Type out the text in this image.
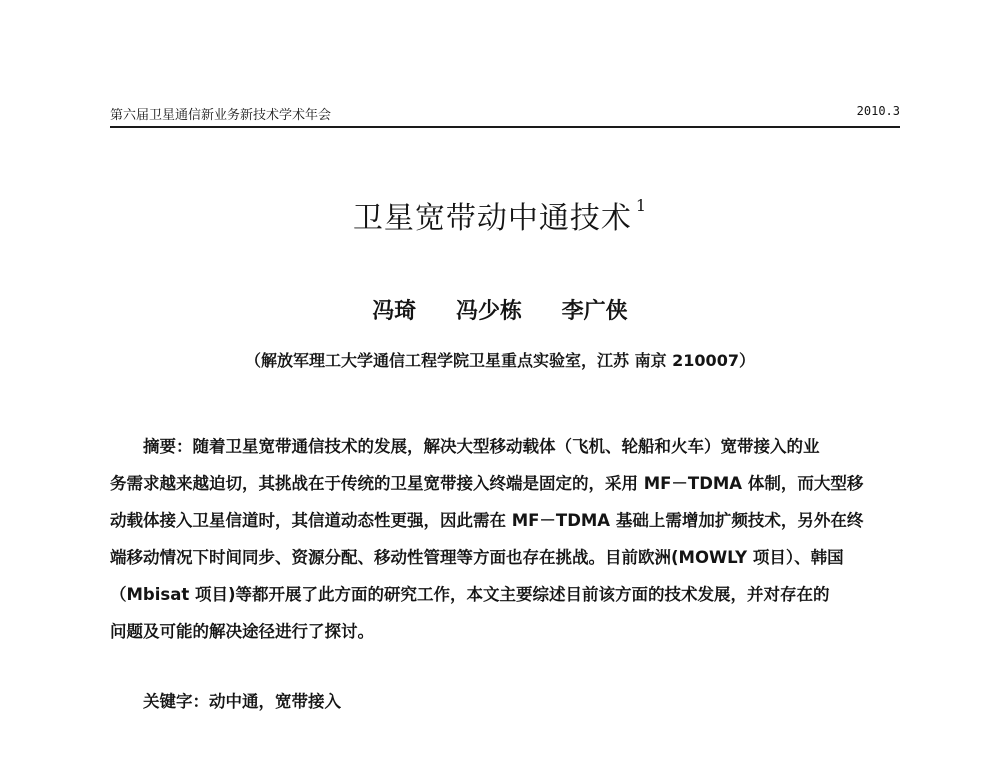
第六届卫星通信新业务新技术学术年会	2010.3
卫星宽带动中通技术 $^1$
冯琦 冯少栋 李广侠
（解放军理工大学通信工程学院卫星重点实验室，江苏 南京 210007）
摘要：随着卫星宽带通信技术的发展，解决大型移动载体（飞机、轮船和火车）宽带接入的业
务需求越来越迫切，其挑战在于传统的卫星宽带接入终端是固定的，采用 MF－TDMA 体制，而大型移
动载体接入卫星信道时，其信道动态性更强，因此需在 MF－TDMA 基础上需增加扩频技术，另外在终
端移动情况下时间同步、资源分配、移动性管理等方面也存在挑战。目前欧洲(MOWLY 项目）、韩国
（Mbisat 项目)等都开展了此方面的研究工作，本文主要综述目前该方面的技术发展，并对存在的
问题及可能的解决途径进行了探讨。
关键字：动中通，宽带接入
